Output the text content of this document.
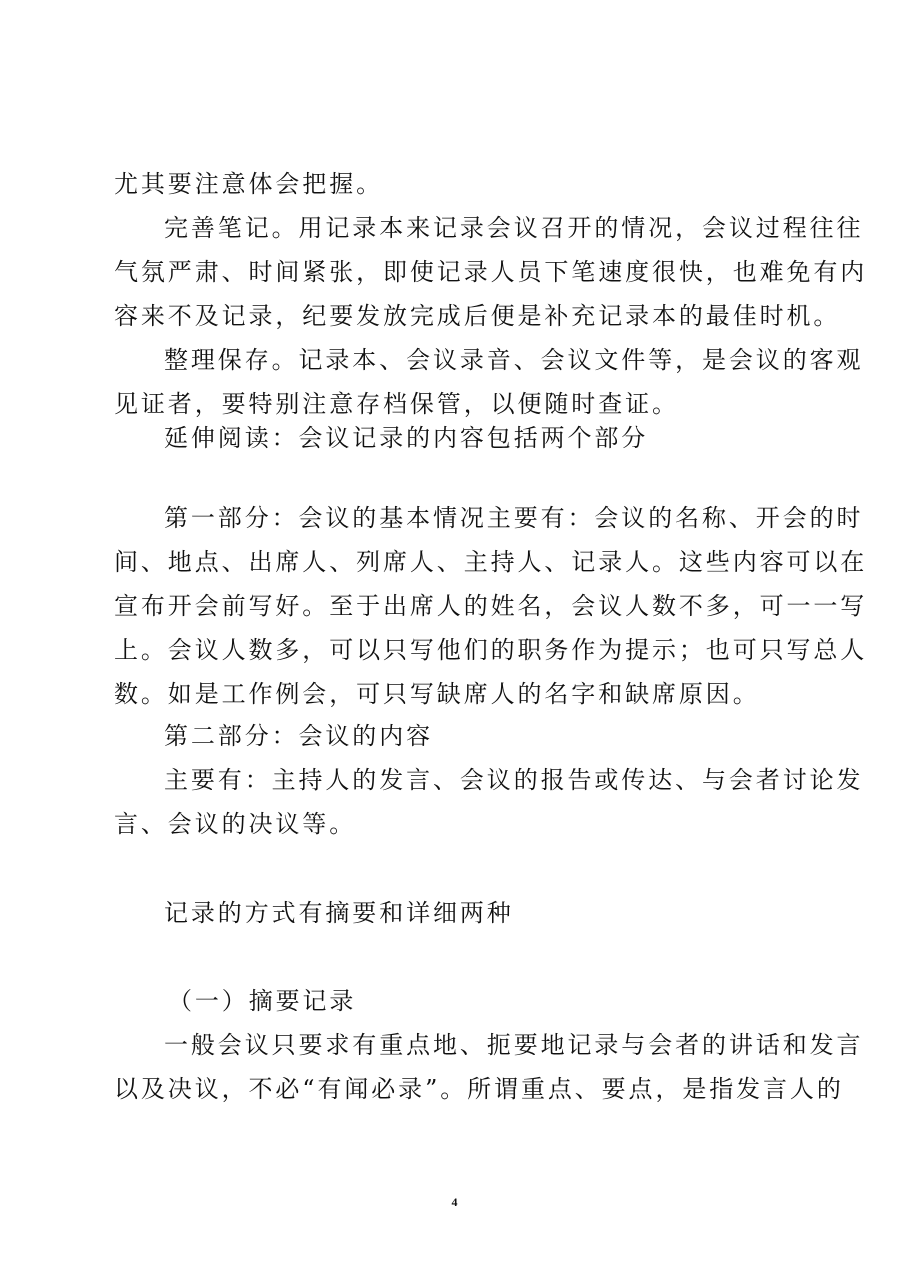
尤其要注意体会把握。
完善笔记。用记录本来记录会议召开的情况，会议过程往往
气氛严肃、时间紧张，即使记录人员下笔速度很快，也难免有内
容来不及记录，纪要发放完成后便是补充记录本的最佳时机。
整理保存。记录本、会议录音、会议文件等，是会议的客观
见证者，要特别注意存档保管，以便随时查证。
延伸阅读：会议记录的内容包括两个部分
第一部分：会议的基本情况主要有：会议的名称、开会的时
间、地点、出席人、列席人、主持人、记录人。这些内容可以在
宣布开会前写好。至于出席人的姓名，会议人数不多，可一一写
上。会议人数多，可以只写他们的职务作为提示；也可只写总人
数。如是工作例会，可只写缺席人的名字和缺席原因。
第二部分：会议的内容
主要有：主持人的发言、会议的报告或传达、与会者讨论发
言、会议的决议等。
记录的方式有摘要和详细两种
（一）摘要记录
一般会议只要求有重点地、扼要地记录与会者的讲话和发言
以及决议，不必“有闻必录”。所谓重点、要点，是指发言人的
4
